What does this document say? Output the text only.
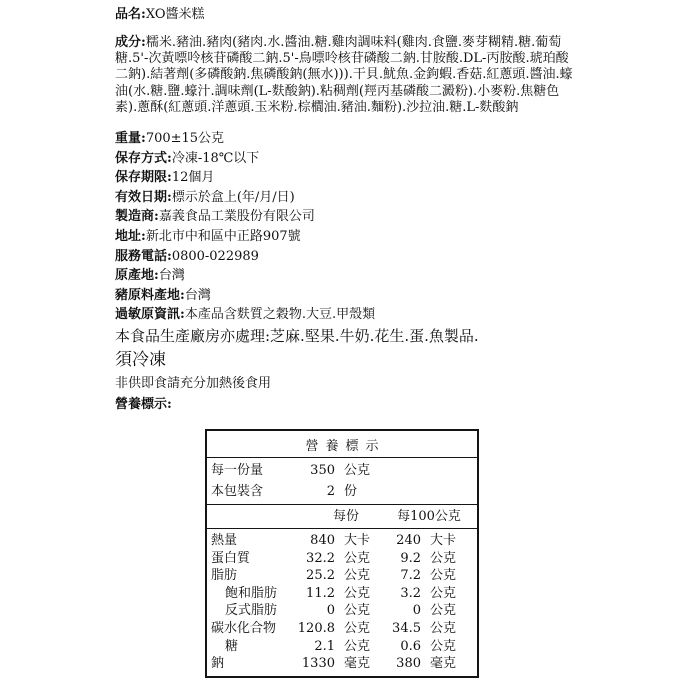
品名:XO醬米糕
成分:糯米.豬油.豬肉(豬肉.水.醬油.糖.雞肉調味料(雞肉.食鹽.麥芽糊精.糖.葡萄糖.5'-次黃嘌呤核苷磷酸二鈉.5'-鳥嘌呤核苷磷酸二鈉.甘胺酸.DL-丙胺酸.琥珀酸二鈉).結著劑(多磷酸鈉.焦磷酸鈉(無水))).干貝.魷魚.金鉤蝦.香菇.紅蔥頭.醬油.蠔油(水.糖.鹽.蠔汁.調味劑(L-麩酸鈉).粘稠劑(羥丙基磷酸二澱粉).小麥粉.焦糖色素).蔥酥(紅蔥頭.洋蔥頭.玉米粉.棕櫚油.豬油.麵粉).沙拉油.糖.L-麩酸鈉
重量:700±15公克
保存方式:冷凍-18℃以下
保存期限:12個月
有效日期:標示於盒上(年/月/日)
製造商:嘉義食品工業股份有限公司
地址:新北市中和區中正路907號
服務電話:0800-022989
原產地:台灣
豬原料產地:台灣
過敏原資訊:本產品含麩質之穀物.大豆.甲殼類
本食品生產廠房亦處理:芝麻.堅果.牛奶.花生.蛋.魚製品.
須冷凍
非供即食請充分加熱後食用
營養標示:
營養標示
每一份量	350 公克
本包裝含	2 份
每份	每100公克
熱量	840 大卡	240 大卡
蛋白質	32.2 公克	9.2 公克
脂肪	25.2 公克	7.2 公克
飽和脂肪	11.2 公克	3.2 公克
反式脂肪	0 公克	0 公克
碳水化合物	120.8 公克	34.5 公克
糖	2.1 公克	0.6 公克
鈉	1330 毫克	380 毫克
